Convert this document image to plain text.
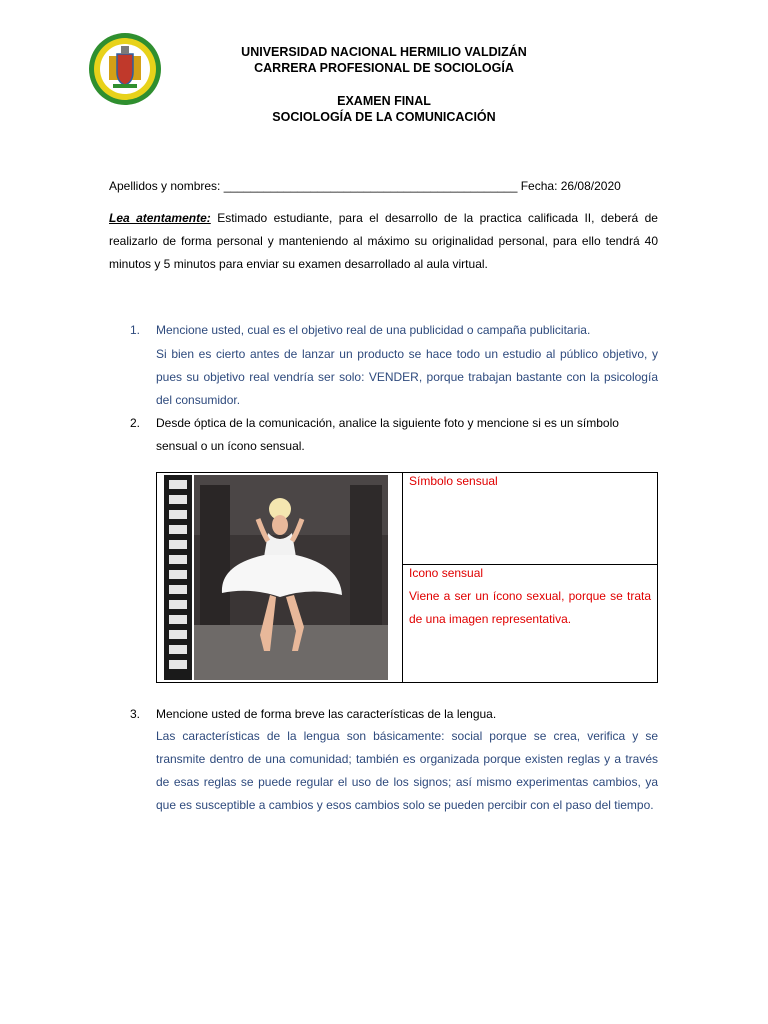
UNIVERSIDAD NACIONAL HERMILIO VALDIZÁN
CARRERA PROFESIONAL DE SOCIOLOGÍA
EXAMEN FINAL
SOCIOLOGÍA DE LA COMUNICACIÓN
Apellidos y nombres: ____________________________________________ Fecha: 26/08/2020
Lea atentamente: Estimado estudiante, para el desarrollo de la practica calificada II, deberá de realizarlo de forma personal y manteniendo al máximo su originalidad personal, para ello tendrá 40 minutos y 5 minutos para enviar su examen desarrollado al aula virtual.
1. Mencione usted, cual es el objetivo real de una publicidad o campaña publicitaria.
Si bien es cierto antes de lanzar un producto se hace todo un estudio al público objetivo, y pues su objetivo real vendría ser solo: VENDER, porque trabajan bastante con la psicología del consumidor.
2. Desde óptica de la comunicación, analice la siguiente foto y mencione si es un símbolo sensual o un ícono sensual.

Símbolo sensual

Icono sensual
Viene a ser un ícono sexual, porque se trata de una imagen representativa.
3. Mencione usted de forma breve las características de la lengua.
Las características de la lengua son básicamente: social porque se crea, verifica y se transmite dentro de una comunidad; también es organizada porque existen reglas y a través de esas reglas se puede regular el uso de los signos; así mismo experimentas cambios, ya que es susceptible a cambios y esos cambios solo se pueden percibir con el paso del tiempo.
